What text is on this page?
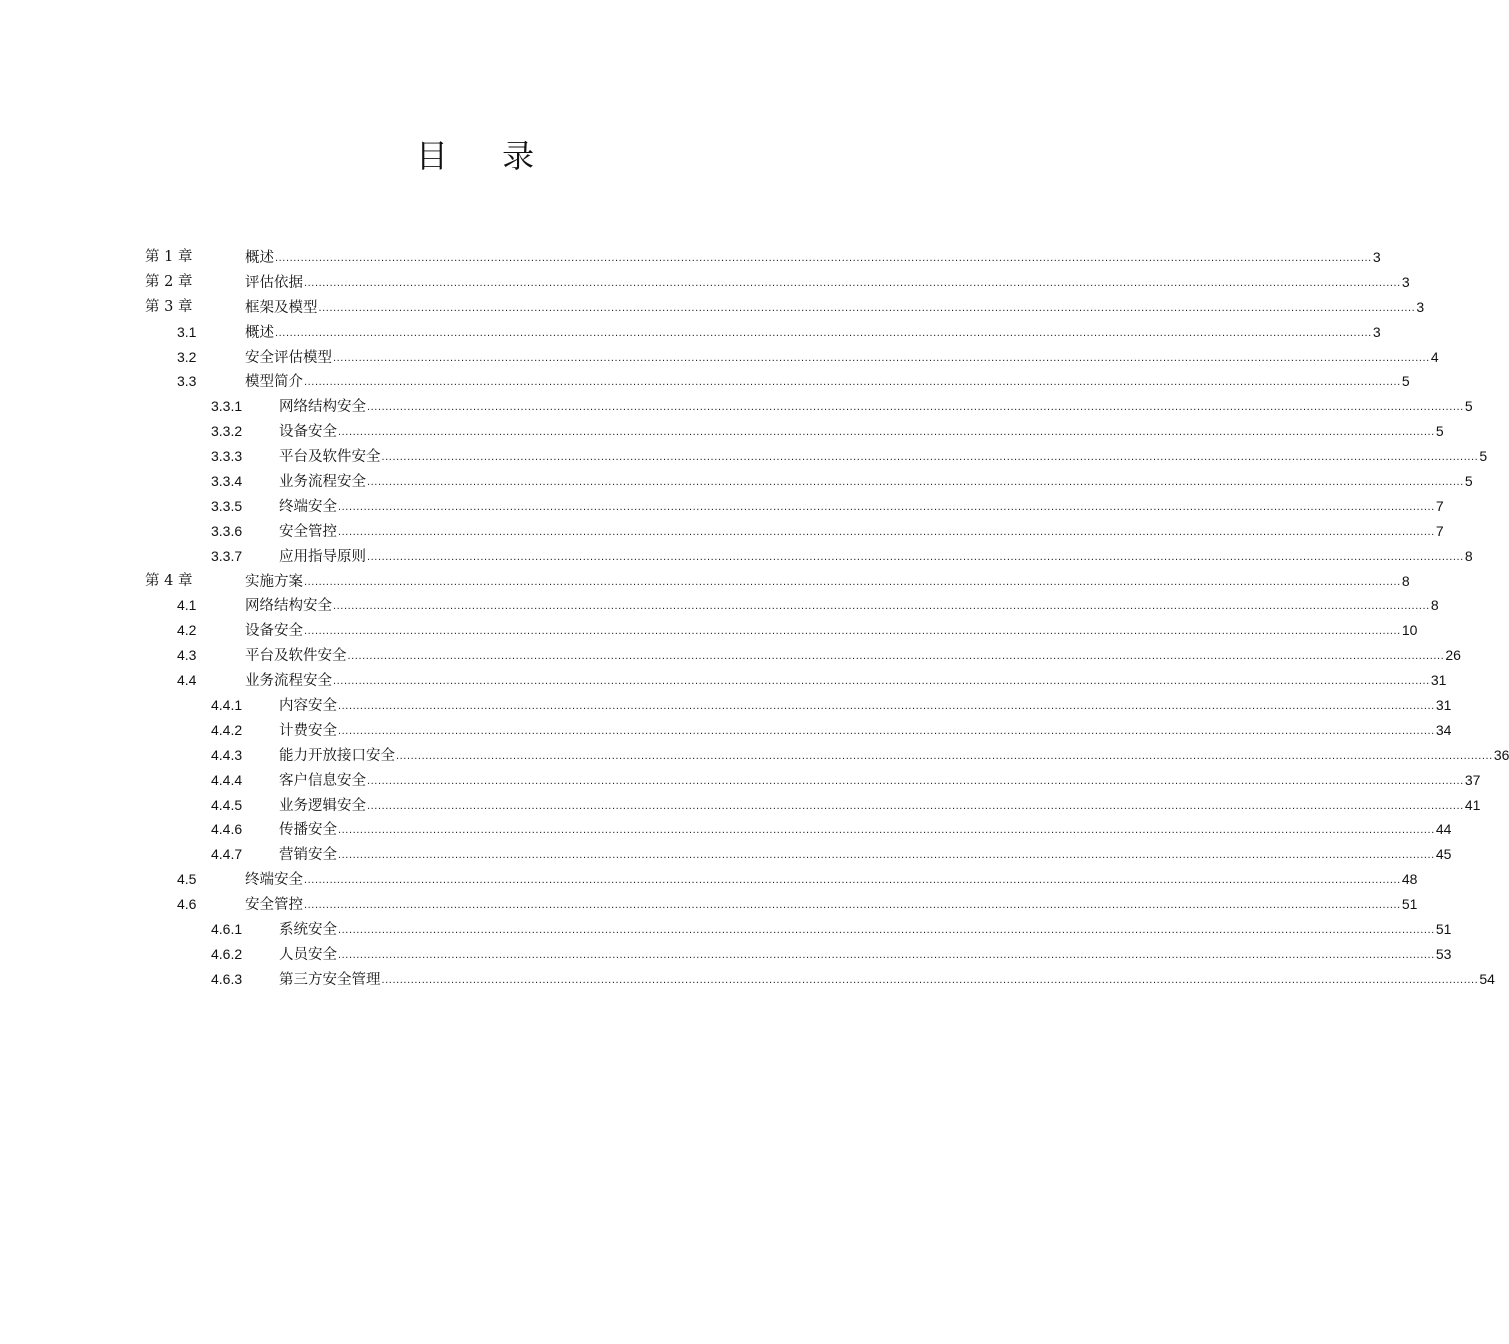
目 录
第 1 章	概述 ............................................................................................................................................................................................................................................................................................................ 3
第 2 章	评估依据 ............................................................................................................................................................................................................................................................................................................ 3
第 3 章	框架及模型 ............................................................................................................................................................................................................................................................................................................ 3
3.1	概述 ............................................................................................................................................................................................................................................................................................................ 3
3.2	安全评估模型 ............................................................................................................................................................................................................................................................................................................ 4
3.3	模型简介 ............................................................................................................................................................................................................................................................................................................ 5
3.3.1	网络结构安全 ............................................................................................................................................................................................................................................................................................................ 5
3.3.2	设备安全 ............................................................................................................................................................................................................................................................................................................ 5
3.3.3	平台及软件安全 ............................................................................................................................................................................................................................................................................................................ 5
3.3.4	业务流程安全 ............................................................................................................................................................................................................................................................................................................ 5
3.3.5	终端安全 ............................................................................................................................................................................................................................................................................................................ 7
3.3.6	安全管控 ............................................................................................................................................................................................................................................................................................................ 7
3.3.7	应用指导原则 ............................................................................................................................................................................................................................................................................................................ 8
第 4 章	实施方案 ............................................................................................................................................................................................................................................................................................................ 8
4.1	网络结构安全 ............................................................................................................................................................................................................................................................................................................ 8
4.2	设备安全 ............................................................................................................................................................................................................................................................................................................ 10
4.3	平台及软件安全 ............................................................................................................................................................................................................................................................................................................ 26
4.4	业务流程安全 ............................................................................................................................................................................................................................................................................................................ 31
4.4.1	内容安全 ............................................................................................................................................................................................................................................................................................................ 31
4.4.2	计费安全 ............................................................................................................................................................................................................................................................................................................ 34
4.4.3	能力开放接口安全 ............................................................................................................................................................................................................................................................................................................ 36
4.4.4	客户信息安全 ............................................................................................................................................................................................................................................................................................................ 37
4.4.5	业务逻辑安全 ............................................................................................................................................................................................................................................................................................................ 41
4.4.6	传播安全 ............................................................................................................................................................................................................................................................................................................ 44
4.4.7	营销安全 ............................................................................................................................................................................................................................................................................................................ 45
4.5	终端安全 ............................................................................................................................................................................................................................................................................................................ 48
4.6	安全管控 ............................................................................................................................................................................................................................................................................................................ 51
4.6.1	系统安全 ............................................................................................................................................................................................................................................................................................................ 51
4.6.2	人员安全 ............................................................................................................................................................................................................................................................................................................ 53
4.6.3	第三方安全管理 ............................................................................................................................................................................................................................................................................................................ 54
